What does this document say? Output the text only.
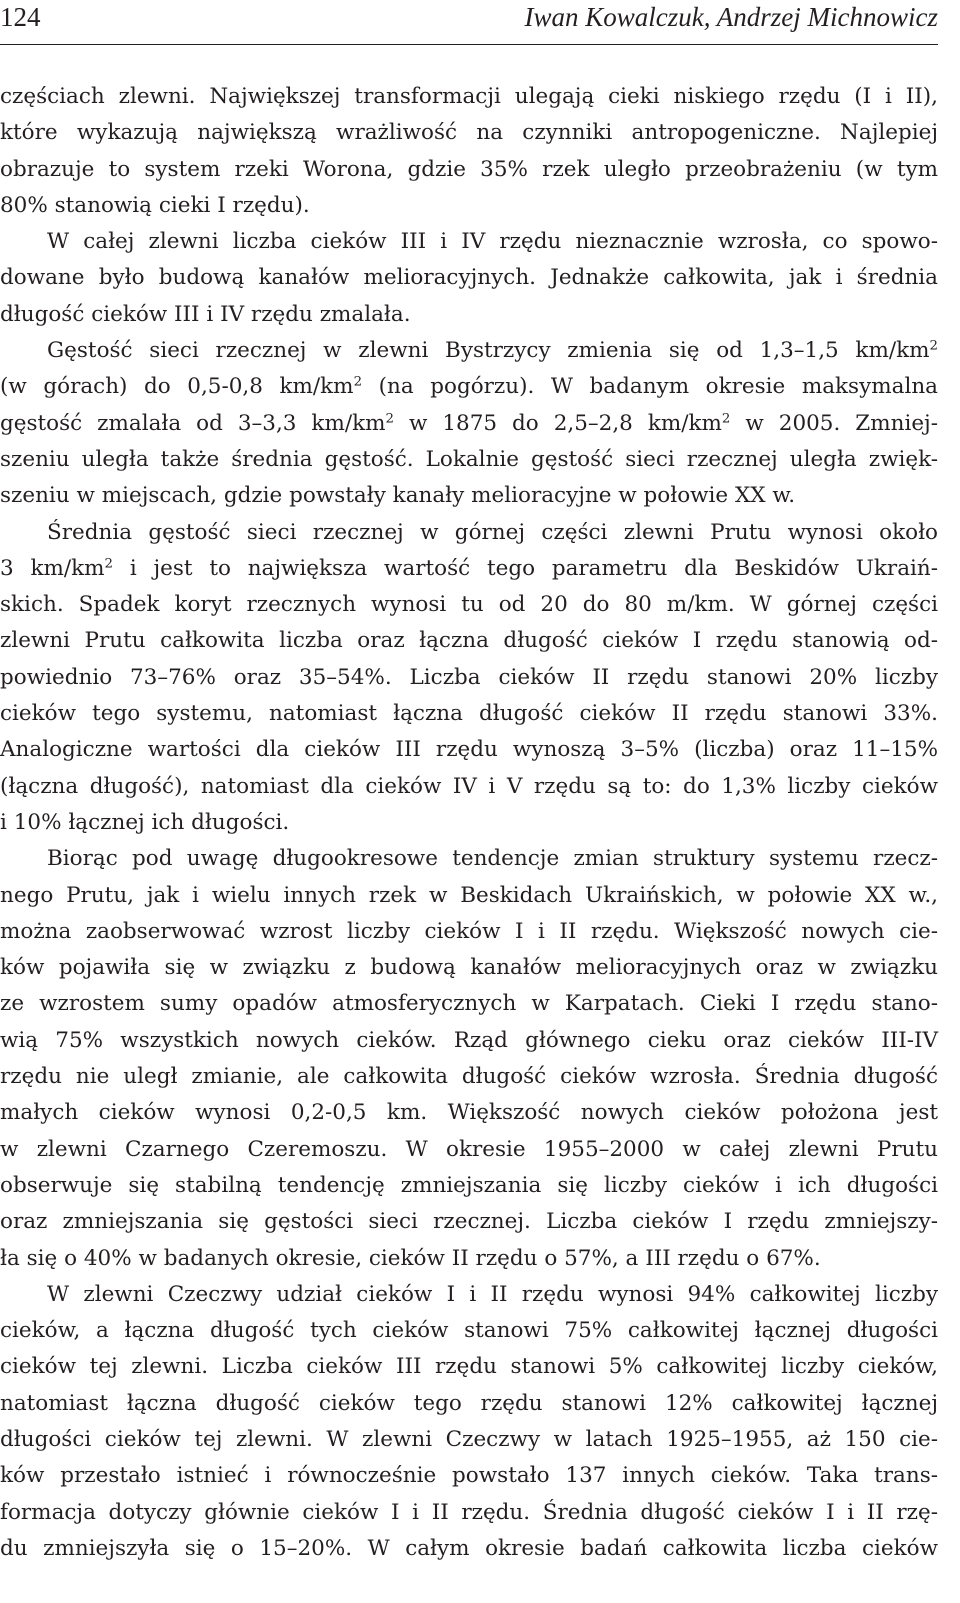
124	Iwan Kowalczuk, Andrzej Michnowicz
częściach zlewni. Największej transformacji ulegają cieki niskiego rzędu (I i II),
które wykazują największą wrażliwość na czynniki antropogeniczne. Najlepiej
obrazuje to system rzeki Worona, gdzie 35% rzek uległo przeobrażeniu (w tym
80% stanowią cieki I rzędu).
W całej zlewni liczba cieków III i IV rzędu nieznacznie wzrosła, co spowo-
dowane było budową kanałów melioracyjnych. Jednakże całkowita, jak i średnia
długość cieków III i IV rzędu zmalała.
Gęstość sieci rzecznej w zlewni Bystrzycy zmienia się od 1,3–1,5 $km/km^2$
(w górach) do 0,5-0,8 $km/km^2$ (na pogórzu). W badanym okresie maksymalna
gęstość zmalała od 3–3,3 $km/km^2$ w 1875 do 2,5–2,8 $km/km^2$ w 2005. Zmniej-
szeniu uległa także średnia gęstość. Lokalnie gęstość sieci rzecznej uległa zwięk-
szeniu w miejscach, gdzie powstały kanały melioracyjne w połowie XX w.
Średnia gęstość sieci rzecznej w górnej części zlewni Prutu wynosi około
3 $km/km^2$ i jest to największa wartość tego parametru dla Beskidów Ukraiń-
skich. Spadek koryt rzecznych wynosi tu od 20 do 80 m/km. W górnej części
zlewni Prutu całkowita liczba oraz łączna długość cieków I rzędu stanowią od-
powiednio 73–76% oraz 35–54%. Liczba cieków II rzędu stanowi 20% liczby
cieków tego systemu, natomiast łączna długość cieków II rzędu stanowi 33%.
Analogiczne wartości dla cieków III rzędu wynoszą 3–5% (liczba) oraz 11–15%
(łączna długość), natomiast dla cieków IV i V rzędu są to: do 1,3% liczby cieków
i 10% łącznej ich długości.
Biorąc pod uwagę długookresowe tendencje zmian struktury systemu rzecz-
nego Prutu, jak i wielu innych rzek w Beskidach Ukraińskich, w połowie XX w.,
można zaobserwować wzrost liczby cieków I i II rzędu. Większość nowych cie-
ków pojawiła się w związku z budową kanałów melioracyjnych oraz w związku
ze wzrostem sumy opadów atmosferycznych w Karpatach. Cieki I rzędu stano-
wią 75% wszystkich nowych cieków. Rząd głównego cieku oraz cieków III-IV
rzędu nie uległ zmianie, ale całkowita długość cieków wzrosła. Średnia długość
małych cieków wynosi 0,2-0,5 km. Większość nowych cieków położona jest
w zlewni Czarnego Czeremoszu. W okresie 1955–2000 w całej zlewni Prutu
obserwuje się stabilną tendencję zmniejszania się liczby cieków i ich długości
oraz zmniejszania się gęstości sieci rzecznej. Liczba cieków I rzędu zmniejszy-
ła się o 40% w badanych okresie, cieków II rzędu o 57%, a III rzędu o 67%.
W zlewni Czeczwy udział cieków I i II rzędu wynosi 94% całkowitej liczby
cieków, a łączna długość tych cieków stanowi 75% całkowitej łącznej długości
cieków tej zlewni. Liczba cieków III rzędu stanowi 5% całkowitej liczby cieków,
natomiast łączna długość cieków tego rzędu stanowi 12% całkowitej łącznej
długości cieków tej zlewni. W zlewni Czeczwy w latach 1925–1955, aż 150 cie-
ków przestało istnieć i równocześnie powstało 137 innych cieków. Taka trans-
formacja dotyczy głównie cieków I i II rzędu. Średnia długość cieków I i II rzę-
du zmniejszyła się o 15–20%. W całym okresie badań całkowita liczba cieków
